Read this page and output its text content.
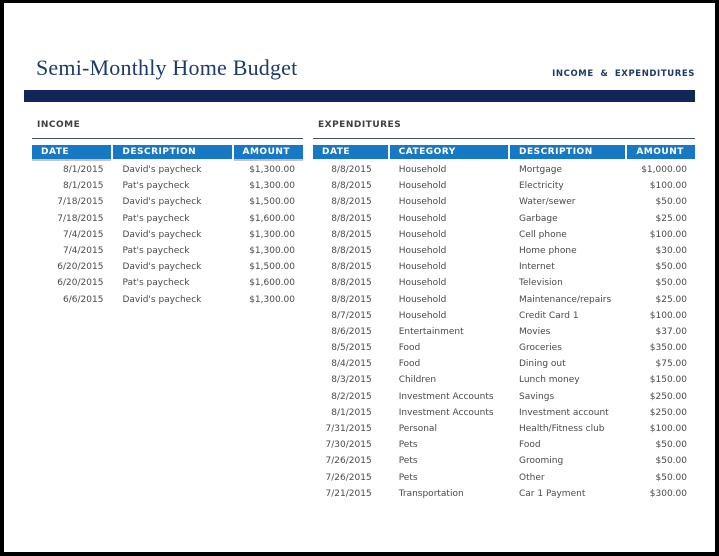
Semi-Monthly Home Budget	INCOME & EXPENDITURES
INCOME
DATE	DESCRIPTION	AMOUNT
8/1/2015	David's paycheck	$1,300.00
8/1/2015	Pat's paycheck	$1,300.00
7/18/2015	David's paycheck	$1,500.00
7/18/2015	Pat's paycheck	$1,600.00
7/4/2015	David's paycheck	$1,300.00
7/4/2015	Pat's paycheck	$1,300.00
6/20/2015	David's paycheck	$1,500.00
6/20/2015	Pat's paycheck	$1,600.00
6/6/2015	David's paycheck	$1,300.00
EXPENDITURES
DATE	CATEGORY	DESCRIPTION	AMOUNT
8/8/2015	Household	Mortgage	$1,000.00
8/8/2015	Household	Electricity	$100.00
8/8/2015	Household	Water/sewer	$50.00
8/8/2015	Household	Garbage	$25.00
8/8/2015	Household	Cell phone	$100.00
8/8/2015	Household	Home phone	$30.00
8/8/2015	Household	Internet	$50.00
8/8/2015	Household	Television	$50.00
8/8/2015	Household	Maintenance/repairs	$25.00
8/7/2015	Household	Credit Card 1	$100.00
8/6/2015	Entertainment	Movies	$37.00
8/5/2015	Food	Groceries	$350.00
8/4/2015	Food	Dining out	$75.00
8/3/2015	Children	Lunch money	$150.00
8/2/2015	Investment Accounts	Savings	$250.00
8/1/2015	Investment Accounts	Investment account	$250.00
7/31/2015	Personal	Health/Fitness club	$100.00
7/30/2015	Pets	Food	$50.00
7/26/2015	Pets	Grooming	$50.00
7/26/2015	Pets	Other	$50.00
7/21/2015	Transportation	Car 1 Payment	$300.00
